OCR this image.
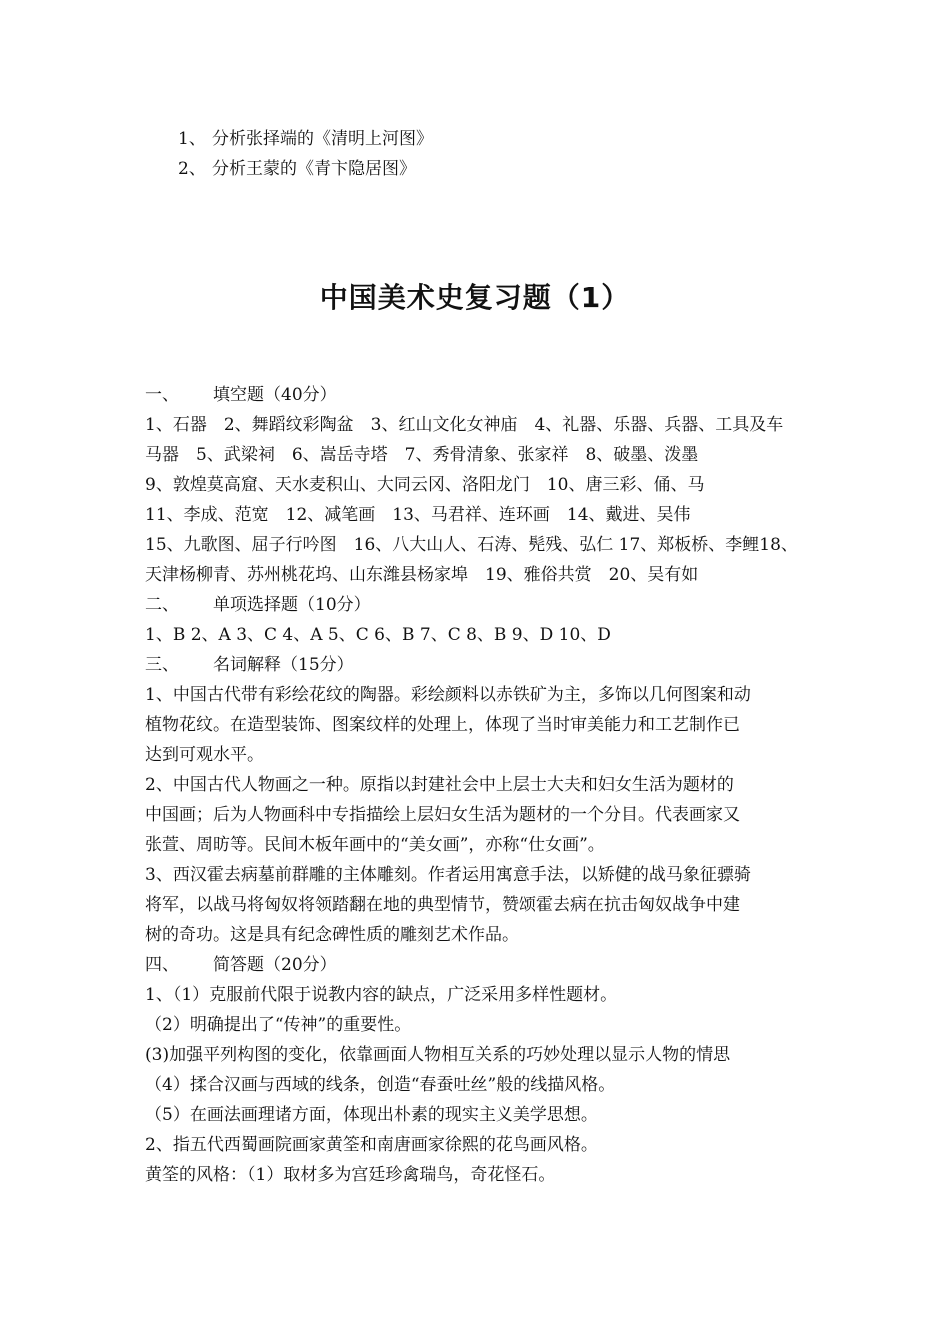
1、 分析张择端的《清明上河图》
2、 分析王蒙的《青卞隐居图》
中国美术史复习题（1）
一、 填空题（40分）
1、石器　2、舞蹈纹彩陶盆　3、红山文化女神庙　4、礼器、乐器、兵器、工具及车
马器　5、武梁祠　6、嵩岳寺塔　7、秀骨清象、张家祥　8、破墨、泼墨
9、敦煌莫高窟、天水麦积山、大同云冈、洛阳龙门　10、唐三彩、俑、马
11、李成、范宽　12、减笔画　13、马君祥、连环画　14、戴进、吴伟
15、九歌图、屈子行吟图　16、八大山人、石涛、髡残、弘仁 17、郑板桥、李鲤18、
天津杨柳青、苏州桃花坞、山东潍县杨家埠　19、雅俗共赏　20、吴有如
二、 单项选择题（10分）
1、B 2、A 3、C 4、A 5、C 6、B 7、C 8、B 9、D 10、D
三、 名词解释（15分）
1、中国古代带有彩绘花纹的陶器。彩绘颜料以赤铁矿为主，多饰以几何图案和动
植物花纹。在造型装饰、图案纹样的处理上，体现了当时审美能力和工艺制作已
达到可观水平。
2、中国古代人物画之一种。原指以封建社会中上层士大夫和妇女生活为题材的
中国画；后为人物画科中专指描绘上层妇女生活为题材的一个分目。代表画家又
张萱、周昉等。民间木板年画中的“美女画”，亦称“仕女画”。
3、西汉霍去病墓前群雕的主体雕刻。作者运用寓意手法，以矫健的战马象征骠骑
将军，以战马将匈奴将领踏翻在地的典型情节，赞颂霍去病在抗击匈奴战争中建
树的奇功。这是具有纪念碑性质的雕刻艺术作品。
四、 简答题（20分）
1、（1）克服前代限于说教内容的缺点，广泛采用多样性题材。
（2）明确提出了“传神”的重要性。
(3)加强平列构图的变化，依靠画面人物相互关系的巧妙处理以显示人物的情思
（4）揉合汉画与西域的线条，创造“春蚕吐丝”般的线描风格。
（5）在画法画理诸方面，体现出朴素的现实主义美学思想。
2、指五代西蜀画院画家黄筌和南唐画家徐熙的花鸟画风格。
黄筌的风格：（1）取材多为宫廷珍禽瑞鸟，奇花怪石。
